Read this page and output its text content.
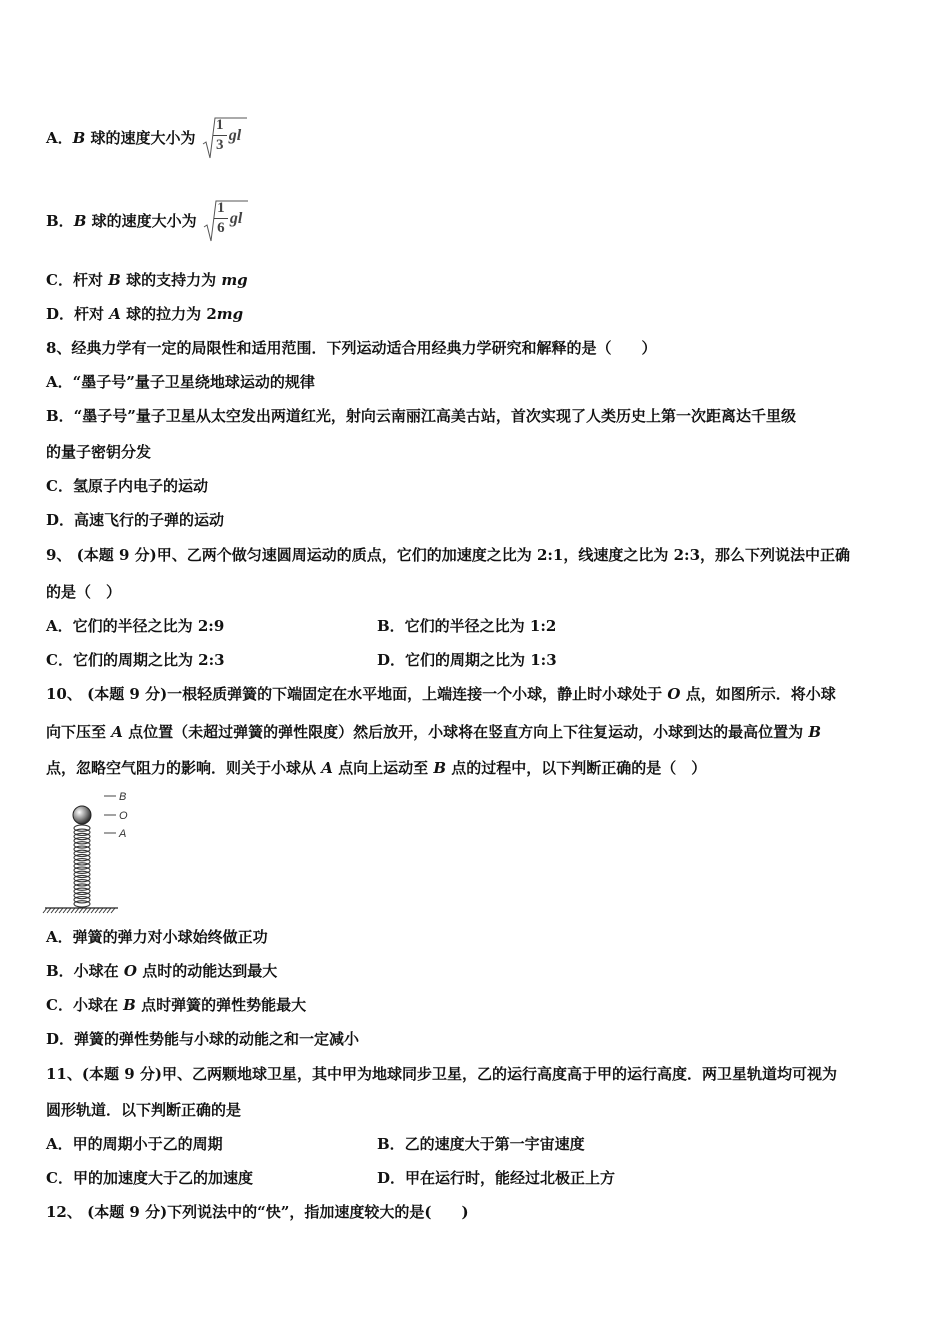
A．B 球的速度大小为 $\frac{1}{3}$ gl
B．B 球的速度大小为 $\frac{1}{6}$ gl
C．杆对 B 球的支持力为 mg
D．杆对 A 球的拉力为 2mg
8、经典力学有一定的局限性和适用范围．下列运动适合用经典力学研究和解释的是（　　）
A．“墨子号”量子卫星绕地球运动的规律
B．“墨子号”量子卫星从太空发出两道红光，射向云南丽江高美古站，首次实现了人类历史上第一次距离达千里级
的量子密钥分发
C．氢原子内电子的运动
D．高速飞行的子弹的运动
9、 (本题 9 分)甲、乙两个做匀速圆周运动的质点，它们的加速度之比为 2:1，线速度之比为 2:3，那么下列说法中正确
的是（　）
A．它们的半径之比为 2:9	B．它们的半径之比为 1:2
C．它们的周期之比为 2:3	D．它们的周期之比为 1:3
10、 (本题 9 分)一根轻质弹簧的下端固定在水平地面，上端连接一个小球，静止时小球处于 O 点，如图所示．将小球
向下压至 A 点位置（未超过弹簧的弹性限度）然后放开，小球将在竖直方向上下往复运动，小球到达的最高位置为 B
点，忽略空气阻力的影响．则关于小球从 A 点向上运动至 B 点的过程中，以下判断正确的是（　）
B
O
A
A．弹簧的弹力对小球始终做正功
B．小球在 O 点时的动能达到最大
C．小球在 B 点时弹簧的弹性势能最大
D．弹簧的弹性势能与小球的动能之和一定减小
11、(本题 9 分)甲、乙两颗地球卫星，其中甲为地球同步卫星，乙的运行高度高于甲的运行高度．两卫星轨道均可视为
圆形轨道．以下判断正确的是
A．甲的周期小于乙的周期	B．乙的速度大于第一宇宙速度
C．甲的加速度大于乙的加速度	D．甲在运行时，能经过北极正上方
12、 (本题 9 分)下列说法中的“快”，指加速度较大的是(　　)
